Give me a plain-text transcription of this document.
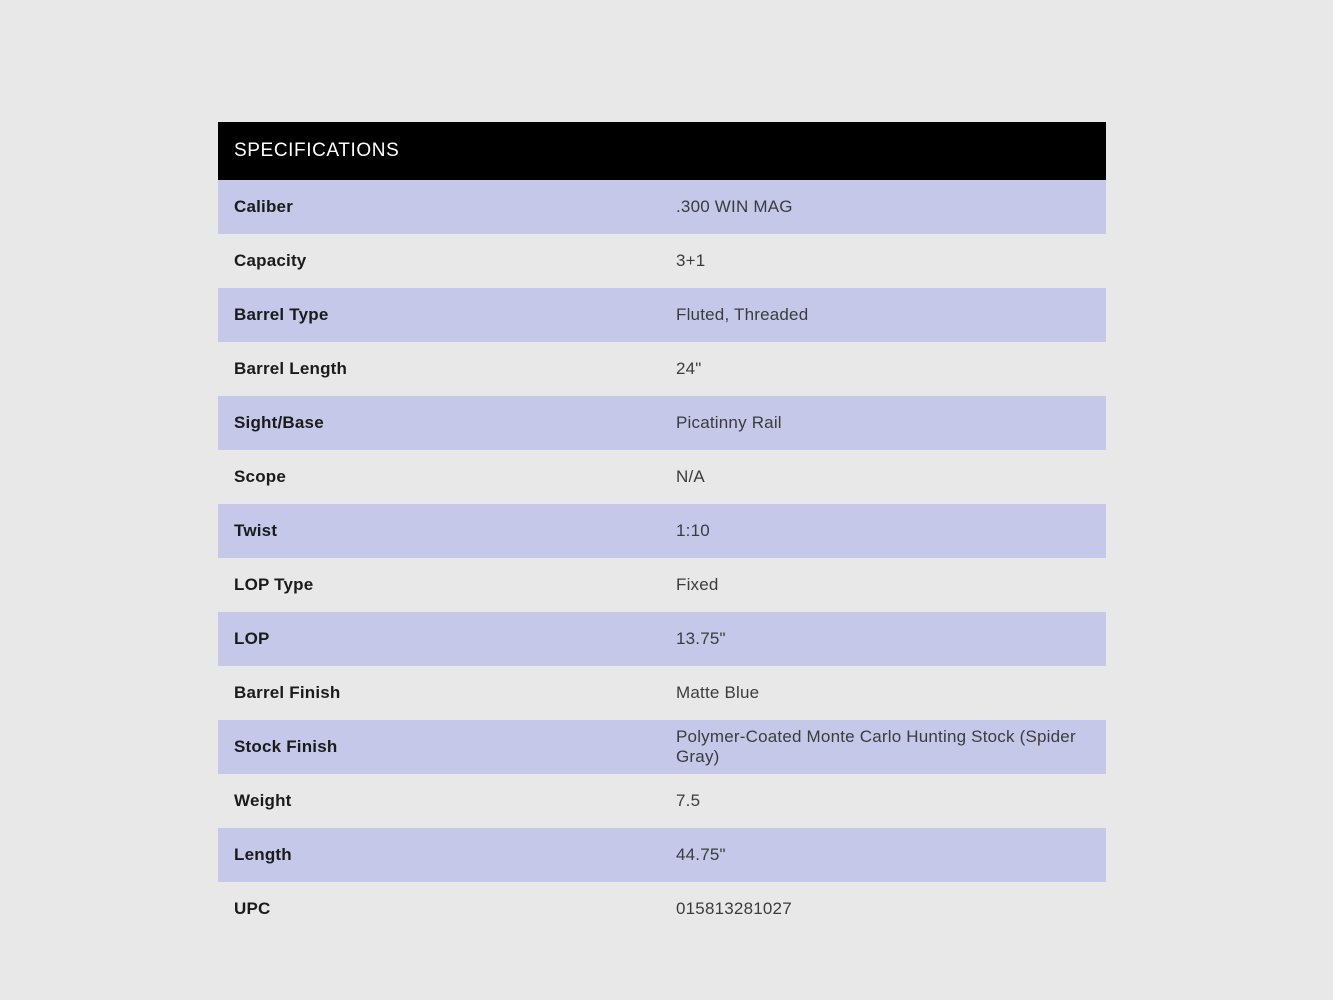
SPECIFICATIONS	
Caliber	.300 WIN MAG
Capacity	3+1
Barrel Type	Fluted, Threaded
Barrel Length	24"
Sight/Base	Picatinny Rail
Scope	N/A
Twist	1:10
LOP Type	Fixed
LOP	13.75"
Barrel Finish	Matte Blue
Stock Finish	Polymer-Coated Monte Carlo Hunting Stock (Spider Gray)
Weight	7.5
Length	44.75"
UPC	015813281027
